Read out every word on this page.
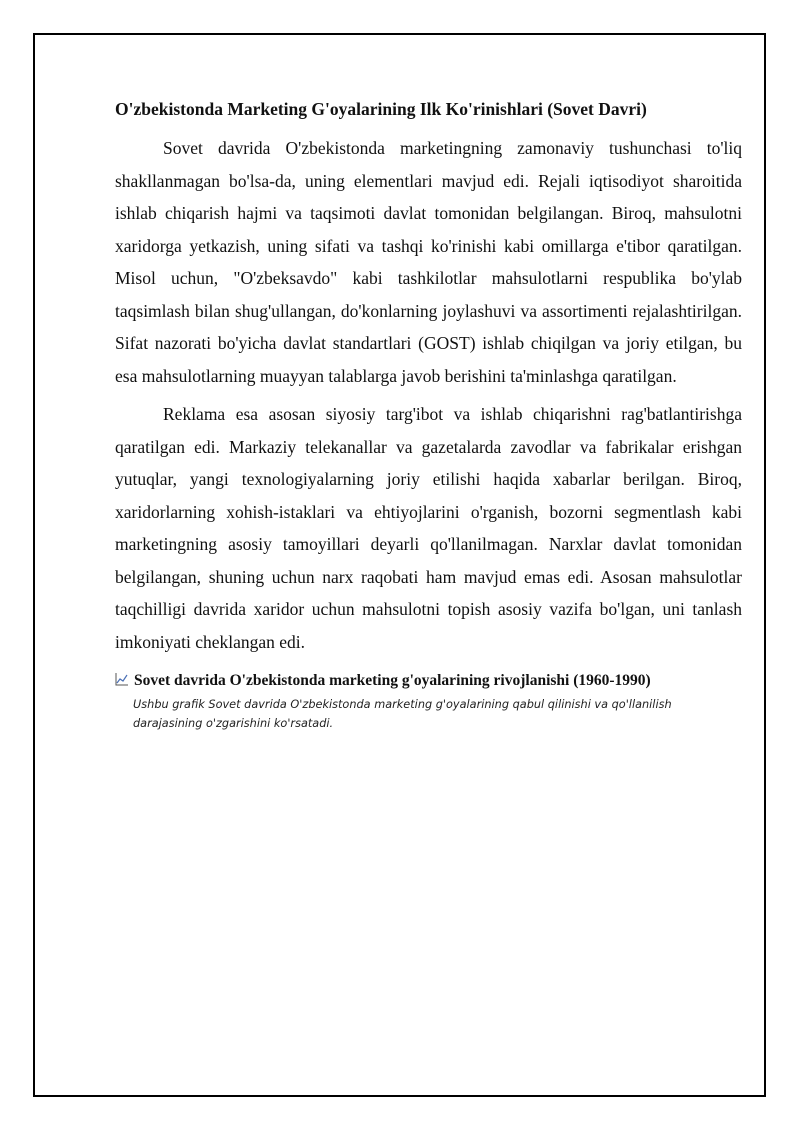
O'zbekistonda Marketing G'oyalarining Ilk Ko'rinishlari (Sovet Davri)

Sovet davrida O'zbekistonda marketingning zamonaviy tushunchasi to'liq shakllanmagan bo'lsa-da, uning elementlari mavjud edi. Rejali iqtisodiyot sharoitida ishlab chiqarish hajmi va taqsimoti davlat tomonidan belgilangan. Biroq, mahsulotni xaridorga yetkazish, uning sifati va tashqi ko'rinishi kabi omillarga e'tibor qaratilgan. Misol uchun, "O'zbeksavdo" kabi tashkilotlar mahsulotlarni respublika bo'ylab taqsimlash bilan shug'ullangan, do'konlarning joylashuvi va assortimenti rejalashtirilgan. Sifat nazorati bo'yicha davlat standartlari (GOST) ishlab chiqilgan va joriy etilgan, bu esa mahsulotlarning muayyan talablarga javob berishini ta'minlashga qaratilgan.

Reklama esa asosan siyosiy targ'ibot va ishlab chiqarishni rag'batlantirishga qaratilgan edi. Markaziy telekanallar va gazetalarda zavodlar va fabrikalar erishgan yutuqlar, yangi texnologiyalarning joriy etilishi haqida xabarlar berilgan. Biroq, xaridorlarning xohish-istaklari va ehtiyojlarini o'rganish, bozorni segmentlash kabi marketingning asosiy tamoyillari deyarli qo'llanilmagan. Narxlar davlat tomonidan belgilangan, shuning uchun narx raqobati ham mavjud emas edi. Asosan mahsulotlar taqchilligi davrida xaridor uchun mahsulotni topish asosiy vazifa bo'lgan, uni tanlash imkoniyati cheklangan edi.

Sovet davrida O'zbekistonda marketing g'oyalarining rivojlanishi (1960-1990)
Ushbu grafik Sovet davrida O'zbekistonda marketing g'oyalarining qabul qilinishi va qo'llanilish darajasining o'zgarishini ko'rsatadi.
